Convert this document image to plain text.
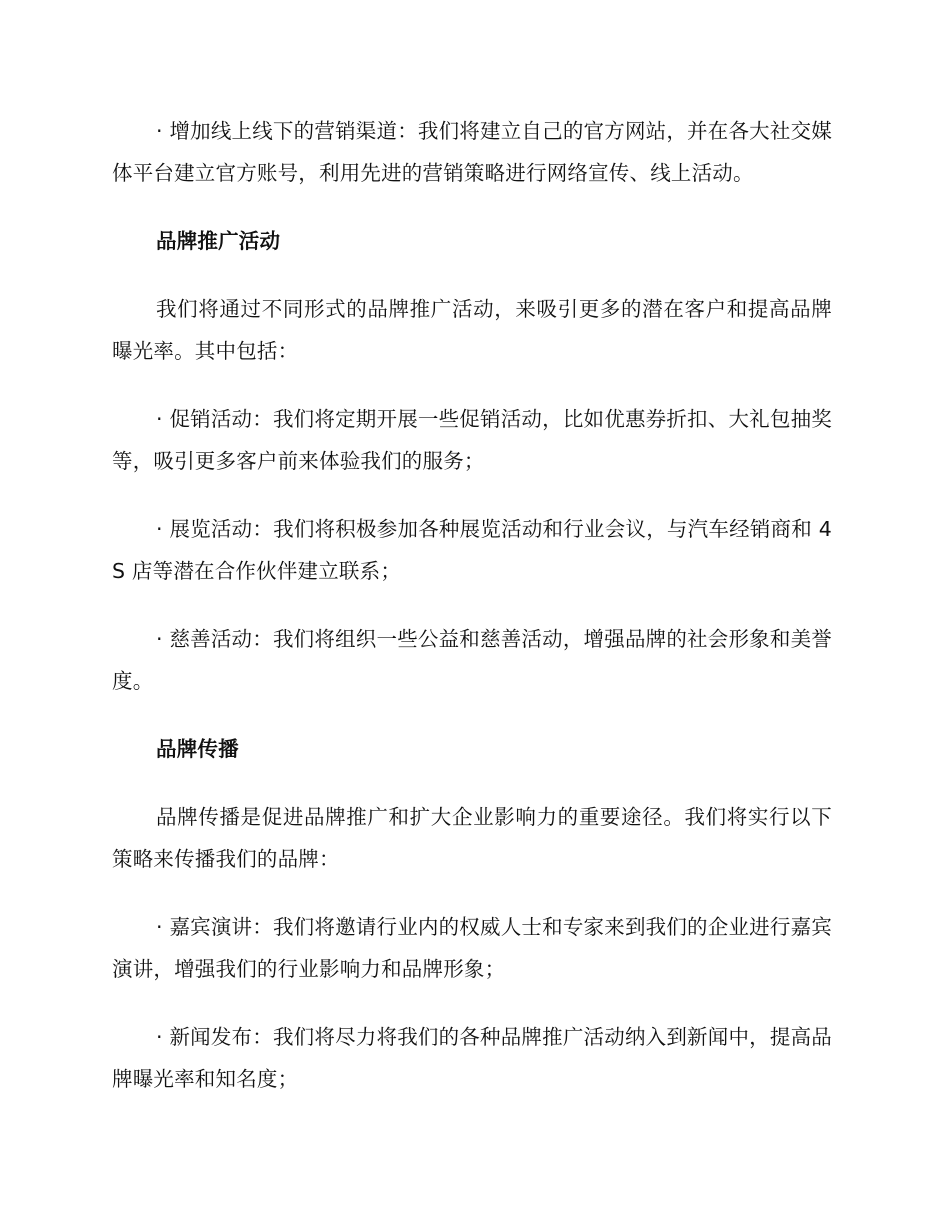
· 增加线上线下的营销渠道：我们将建立自己的官方网站，并在各大社交媒体平台建立官方账号，利用先进的营销策略进行网络宣传、线上活动。

品牌推广活动

我们将通过不同形式的品牌推广活动，来吸引更多的潜在客户和提高品牌曝光率。其中包括：

· 促销活动：我们将定期开展一些促销活动，比如优惠券折扣、大礼包抽奖等，吸引更多客户前来体验我们的服务；

· 展览活动：我们将积极参加各种展览活动和行业会议，与汽车经销商和 4S 店等潜在合作伙伴建立联系；

· 慈善活动：我们将组织一些公益和慈善活动，增强品牌的社会形象和美誉度。

品牌传播

品牌传播是促进品牌推广和扩大企业影响力的重要途径。我们将实行以下策略来传播我们的品牌：

· 嘉宾演讲：我们将邀请行业内的权威人士和专家来到我们的企业进行嘉宾演讲，增强我们的行业影响力和品牌形象；

· 新闻发布：我们将尽力将我们的各种品牌推广活动纳入到新闻中，提高品牌曝光率和知名度；
